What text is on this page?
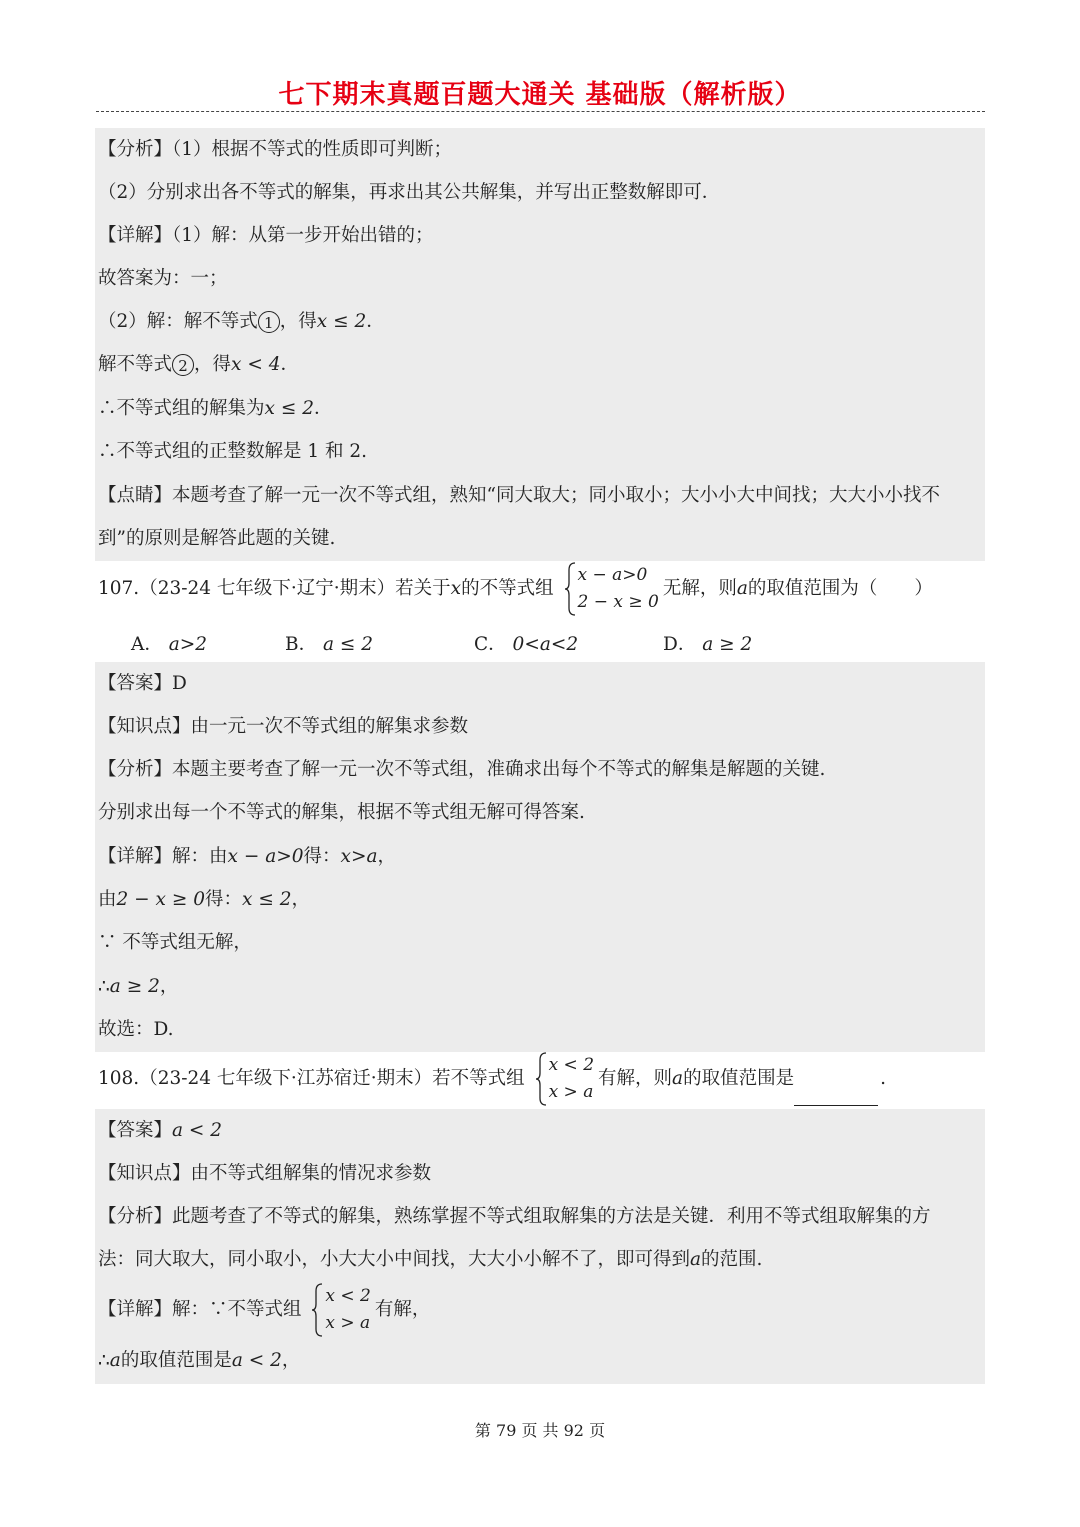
七下期末真题百题大通关 基础版（解析版）
【分析】（1）根据不等式的性质即可判断；
（2）分别求出各不等式的解集，再求出其公共解集，并写出正整数解即可．
【详解】（1）解：从第一步开始出错的；
故答案为：一；
（2）解：解不等式 1 ，得x ≤ 2．
解不等式 2 ，得x < 4．
∴不等式组的解集为x ≤ 2．
∴不等式组的正整数解是 1 和 2.
【点睛】本题考查了解一元一次不等式组，熟知“同大取大；同小取小；大小小大中间找；大大小小找不
到”的原则是解答此题的关键.
107.（23-24 七年级下·辽宁·期末）若关于x的不等式组
x − a>0
2 − x ≥ 0
无解，则a的取值范围为（　　）
A． a>2	B． a ≤ 2	C． 0<a<2	D． a ≥ 2
【答案】D
【知识点】由一元一次不等式组的解集求参数
【分析】本题主要考查了解一元一次不等式组，准确求出每个不等式的解集是解题的关键.
分别求出每一个不等式的解集，根据不等式组无解可得答案.
【详解】解：由x − a>0得：x>a，
由2 − x ≥ 0得：x ≤ 2，
∵ 不等式组无解，
∴a ≥ 2，
故选：D.
108.（23-24 七年级下·江苏宿迁·期末）若不等式组
x < 2
x > a
有解，则a的取值范围是	.
【答案】a < 2
【知识点】由不等式组解集的情况求参数
【分析】此题考查了不等式的解集，熟练掌握不等式组取解集的方法是关键．利用不等式组取解集的方
法：同大取大，同小取小，小大大小中间找，大大小小解不了，即可得到a的范围.
【详解】解：∵不等式组
x < 2
x > a
有解，
∴a的取值范围是a < 2，
第 79 页 共 92 页
